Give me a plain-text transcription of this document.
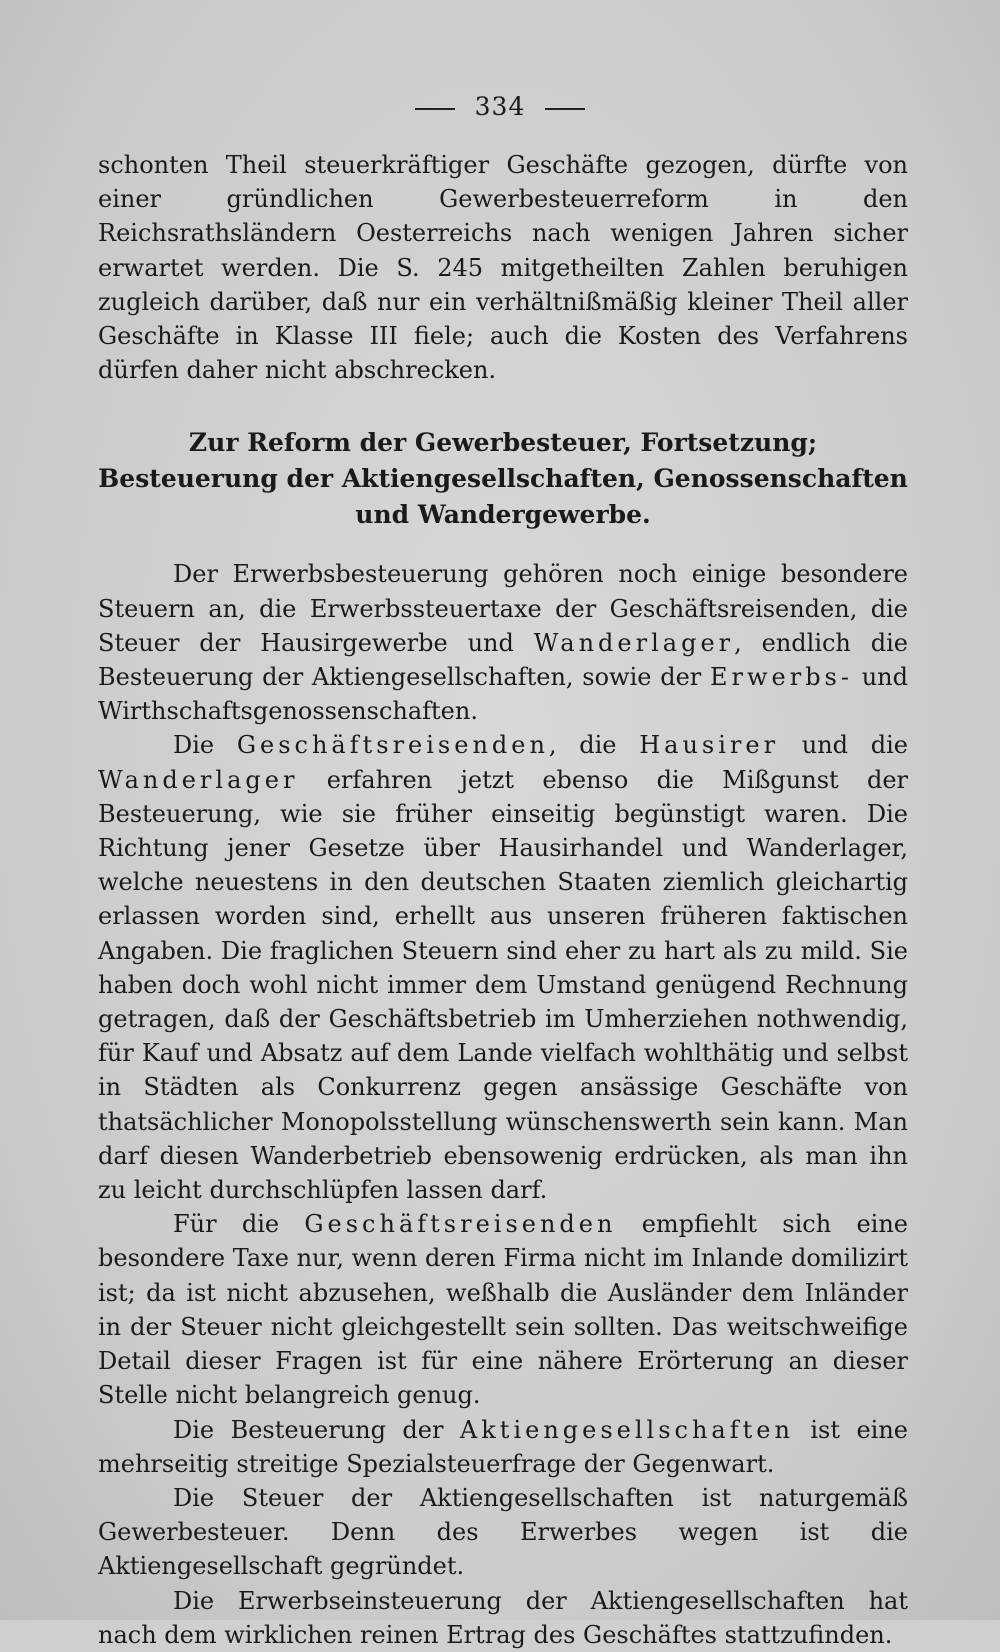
334

schonten Theil steuerkräftiger Geschäfte gezogen, dürfte von einer gründlichen Gewerbesteuerreform in den Reichsrathsländern Oesterreichs nach wenigen Jahren sicher erwartet werden. Die S. 245 mitgetheilten Zahlen beruhigen zugleich darüber, daß nur ein verhältnißmäßig kleiner Theil aller Geschäfte in Klasse III fiele; auch die Kosten des Verfahrens dürfen daher nicht abschrecken.

Zur Reform der Gewerbesteuer, Fortsetzung; Besteuerung der Aktiengesellschaften, Genossenschaften und Wandergewerbe.

Der Erwerbsbesteuerung gehören noch einige besondere Steuern an, die Erwerbssteuertaxe der Geschäftsreisenden, die Steuer der Hausirgewerbe und Wanderlager, endlich die Besteuerung der Aktiengesellschaften, sowie der Erwerbs- und Wirthschaftsgenossenschaften.

Die Geschäftsreisenden, die Hausirer und die Wanderlager erfahren jetzt ebenso die Mißgunst der Besteuerung, wie sie früher einseitig begünstigt waren. Die Richtung jener Gesetze über Hausirhandel und Wanderlager, welche neuestens in den deutschen Staaten ziemlich gleichartig erlassen worden sind, erhellt aus unseren früheren faktischen Angaben. Die fraglichen Steuern sind eher zu hart als zu mild. Sie haben doch wohl nicht immer dem Umstand genügend Rechnung getragen, daß der Geschäftsbetrieb im Umherziehen nothwendig, für Kauf und Absatz auf dem Lande vielfach wohlthätig und selbst in Städten als Conkurrenz gegen ansässige Geschäfte von thatsächlicher Monopolsstellung wünschenswerth sein kann. Man darf diesen Wanderbetrieb ebensowenig erdrücken, als man ihn zu leicht durchschlüpfen lassen darf.

Für die Geschäftsreisenden empfiehlt sich eine besondere Taxe nur, wenn deren Firma nicht im Inlande domilizirt ist; da ist nicht abzusehen, weßhalb die Ausländer dem Inländer in der Steuer nicht gleichgestellt sein sollten. Das weitschweifige Detail dieser Fragen ist für eine nähere Erörterung an dieser Stelle nicht belangreich genug.

Die Besteuerung der Aktiengesellschaften ist eine mehrseitig streitige Spezialsteuerfrage der Gegenwart.

Die Steuer der Aktiengesellschaften ist naturgemäß Gewerbesteuer. Denn des Erwerbes wegen ist die Aktiengesellschaft gegründet.

Die Erwerbseinsteuerung der Aktiengesellschaften hat nach dem wirklichen reinen Ertrag des Geschäftes stattzufinden.
